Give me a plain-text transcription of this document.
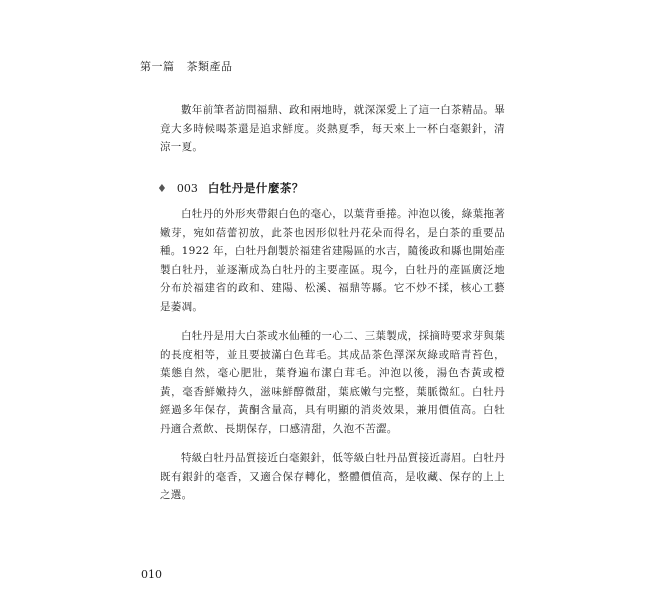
第一篇 茶類產品

數年前筆者訪問福鼎、政和兩地時，就深深愛上了這一白茶精品。畢竟大多時候喝茶還是追求鮮度。炎熱夏季，每天來上一杯白毫銀針，清涼一夏。

♦ 003 白牡丹是什麼茶？

白牡丹的外形夾帶銀白色的毫心，以葉背垂捲。沖泡以後，綠葉拖著嫩芽，宛如蓓蕾初放，此茶也因形似牡丹花朵而得名，是白茶的重要品種。1922 年，白牡丹創製於福建省建陽區的水吉，隨後政和縣也開始產製白牡丹，並逐漸成為白牡丹的主要產區。現今，白牡丹的產區廣泛地分布於福建省的政和、建陽、松溪、福鼎等縣。它不炒不揉，核心工藝是萎凋。

白牡丹是用大白茶或水仙種的一心二、三葉製成，採摘時要求芽與葉的長度相等，並且要披滿白色茸毛。其成品茶色澤深灰綠或暗青苔色，葉態自然，毫心肥壯，葉脊遍布潔白茸毛。沖泡以後，湯色杏黃或橙黃，毫香鮮嫩持久，滋味鮮醇微甜，葉底嫩勻完整，葉脈微紅。白牡丹經過多年保存，黃酮含量高，具有明顯的消炎效果，兼用價值高。白牡丹適合煮飲、長期保存，口感清甜，久泡不苦澀。

特級白牡丹品質接近白毫銀針，低等級白牡丹品質接近壽眉。白牡丹既有銀針的毫香，又適合保存轉化，整體價值高，是收藏、保存的上上之選。

010
